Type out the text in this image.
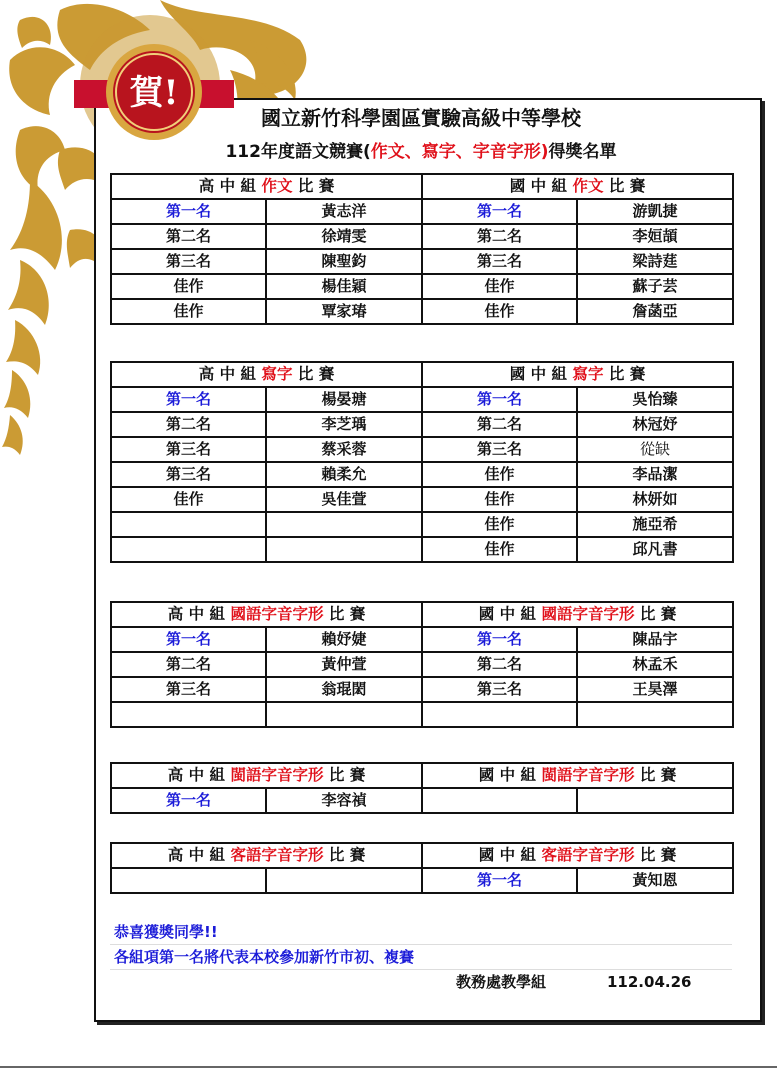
賀!
國立新竹科學園區實驗高級中等學校
112年度語文競賽(作文、寫字、字音字形)得獎名單
高 中 組 作文 比 賽		國 中 組 作文 比 賽	
第一名	黃志洋	第一名	游凱捷
第二名	徐靖雯	第二名	李姮頡
第三名	陳聖鈞	第三名	梁詩莛
佳作	楊佳穎	佳作	蘇子芸
佳作	覃家瑃	佳作	詹菡亞
高 中 組 寫字 比 賽		國 中 組 寫字 比 賽	
第一名	楊晏瑭	第一名	吳怡臻
第二名	李芝瑀	第二名	林冠妤
第三名	蔡采蓉	第三名	從缺
第三名	賴柔允	佳作	李品潔
佳作	吳佳萱	佳作	林妍如
		佳作	施亞希
		佳作	邱凡書
高 中 組 國語字音字形 比 賽		國 中 組 國語字音字形 比 賽	
第一名	賴妤婕	第一名	陳品宇
第二名	黃仲萱	第二名	林孟禾
第三名	翁琨閎	第三名	王昊澤

高 中 組 閩語字音字形 比 賽		國 中 組 閩語字音字形 比 賽	
第一名	李容禎		
高 中 組 客語字音字形 比 賽		國 中 組 客語字音字形 比 賽	
		第一名	黃知恩
恭喜獲獎同學!!
各組項第一名將代表本校參加新竹市初、複賽
教務處教學組	112.04.26
